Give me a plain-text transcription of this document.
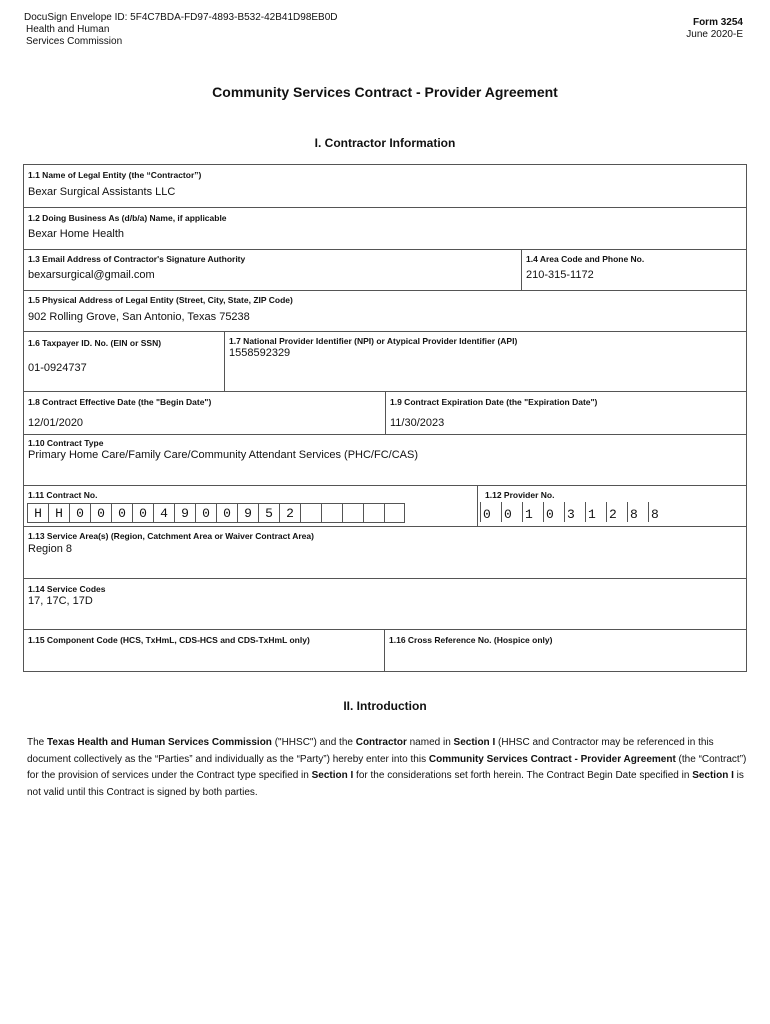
DocuSign Envelope ID: 5F4C7BDA-FD97-4893-B532-42B41D98EB0D
Health and Human
Services Commission
Form 3254
June 2020-E
Community Services Contract - Provider Agreement
I. Contractor Information
1.1 Name of Legal Entity (the “Contractor”)
Bexar Surgical Assistants LLC
1.2 Doing Business As (d/b/a) Name, if applicable
Bexar Home Health
1.3 Email Address of Contractor's Signature Authority
bexarsurgical@gmail.com
1.4 Area Code and Phone No.
210-315-1172
1.5 Physical Address of Legal Entity (Street, City, State, ZIP Code)
902 Rolling Grove, San Antonio, Texas 75238
1.6 Taxpayer ID. No. (EIN or SSN)
01-0924737
1.7 National Provider Identifier (NPI) or Atypical Provider Identifier (API)
1558592329
1.8 Contract Effective Date (the "Begin Date")
12/01/2020
1.9 Contract Expiration Date (the "Expiration Date")
11/30/2023
1.10 Contract Type
Primary Home Care/Family Care/Community Attendant Services (PHC/FC/CAS)
1.11 Contract No.
H	H	0	0	0	0	4	9	0	0	9	5	2
1.12 Provider No.
0	0	1	0	3	1	2	8	8
1.13 Service Area(s) (Region, Catchment Area or Waiver Contract Area)
Region 8
1.14 Service Codes
17, 17C, 17D
1.15 Component Code (HCS, TxHmL, CDS-HCS and CDS-TxHmL only)	1.16 Cross Reference No. (Hospice only)
II. Introduction
The Texas Health and Human Services Commission ("HHSC") and the Contractor named in Section I (HHSC and Contractor may be referenced in this document collectively as the “Parties” and individually as the “Party”) hereby enter into this Community Services Contract - Provider Agreement (the “Contract”) for the provision of services under the Contract type specified in Section I for the considerations set forth herein. The Contract Begin Date specified in Section I is not valid until this Contract is signed by both parties.
